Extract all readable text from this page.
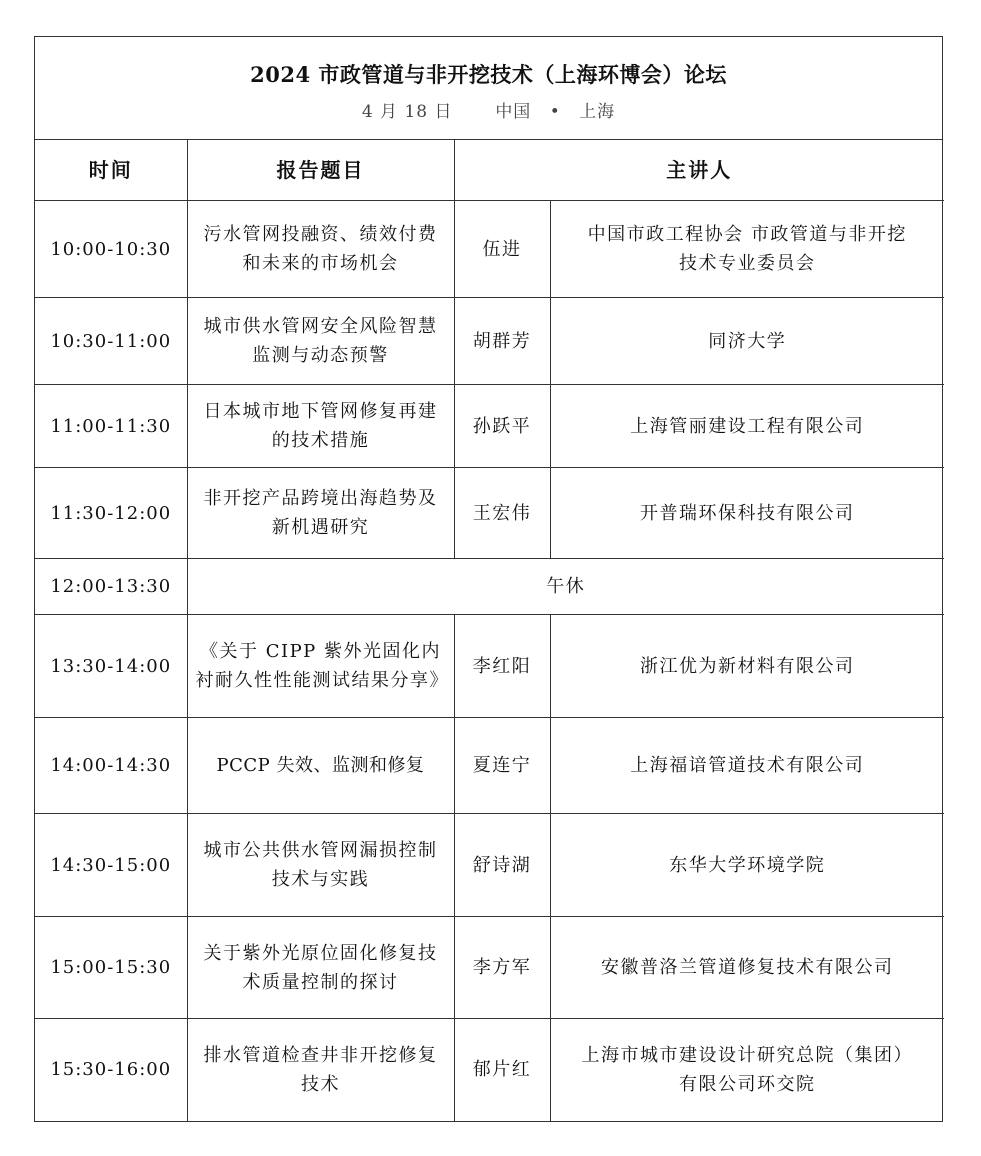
2024 市政管道与非开挖技术（上海环博会）论坛
4 月 18 日	中国 • 上海
时间	报告题目	主讲人	
10:00-10:30	污水管网投融资、绩效付费和未来的市场机会	伍进	中国市政工程协会 市政管道与非开挖技术专业委员会
10:30-11:00	城市供水管网安全风险智慧监测与动态预警	胡群芳	同济大学
11:00-11:30	日本城市地下管网修复再建的技术措施	孙跃平	上海管丽建设工程有限公司
11:30-12:00	非开挖产品跨境出海趋势及新机遇研究	王宏伟	开普瑞环保科技有限公司
12:00-13:30	午休		
13:30-14:00	《关于 CIPP 紫外光固化内衬耐久性性能测试结果分享》	李红阳	浙江优为新材料有限公司
14:00-14:30	PCCP 失效、监测和修复	夏连宁	上海福谙管道技术有限公司
14:30-15:00	城市公共供水管网漏损控制技术与实践	舒诗湖	东华大学环境学院
15:00-15:30	关于紫外光原位固化修复技术质量控制的探讨	李方军	安徽普洛兰管道修复技术有限公司
15:30-16:00	排水管道检查井非开挖修复技术	郁片红	上海市城市建设设计研究总院（集团）有限公司环交院
